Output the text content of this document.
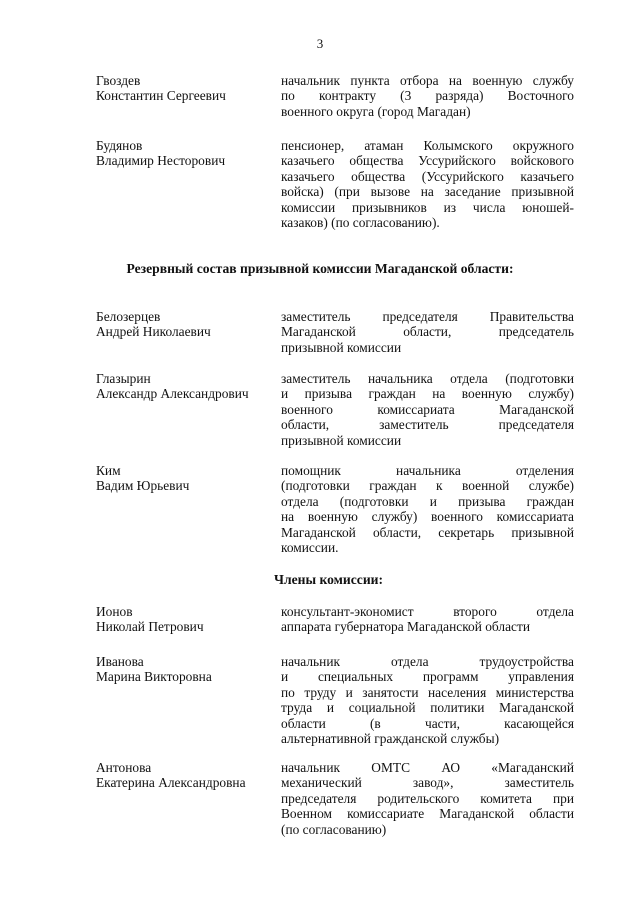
3
Гвоздев
Константин Сергеевич
начальник пункта отбора на военную службу
по контракту (3 разряда) Восточного
военного округа (город Магадан)
Будянов
Владимир Несторович
пенсионер, атаман Колымского окружного
казачьего общества Уссурийского войскового
казачьего общества (Уссурийского казачьего
войска) (при вызове на заседание призывной
комиссии призывников из числа юношей-
казаков) (по согласованию).
Резервный состав призывной комиссии Магаданской области:
Белозерцев
Андрей Николаевич
заместитель председателя Правительства
Магаданской области, председатель
призывной комиссии
Глазырин
Александр Александрович
заместитель начальника отдела (подготовки
и призыва граждан на военную службу)
военного комиссариата Магаданской
области, заместитель председателя
призывной комиссии
Ким
Вадим Юрьевич
помощник начальника отделения
(подготовки граждан к военной службе)
отдела (подготовки и призыва граждан
на военную службу) военного комиссариата
Магаданской области, секретарь призывной
комиссии.
Члены комиссии:
Ионов
Николай Петрович
консультант-экономист второго отдела
аппарата губернатора Магаданской области
Иванова
Марина Викторовна
начальник отдела трудоустройства
и специальных программ управления
по труду и занятости населения министерства
труда и социальной политики Магаданской
области (в части, касающейся
альтернативной гражданской службы)
Антонова
Екатерина Александровна
начальник ОМТС АО «Магаданский
механический завод», заместитель
председателя родительского комитета при
Военном комиссариате Магаданской области
(по согласованию)
